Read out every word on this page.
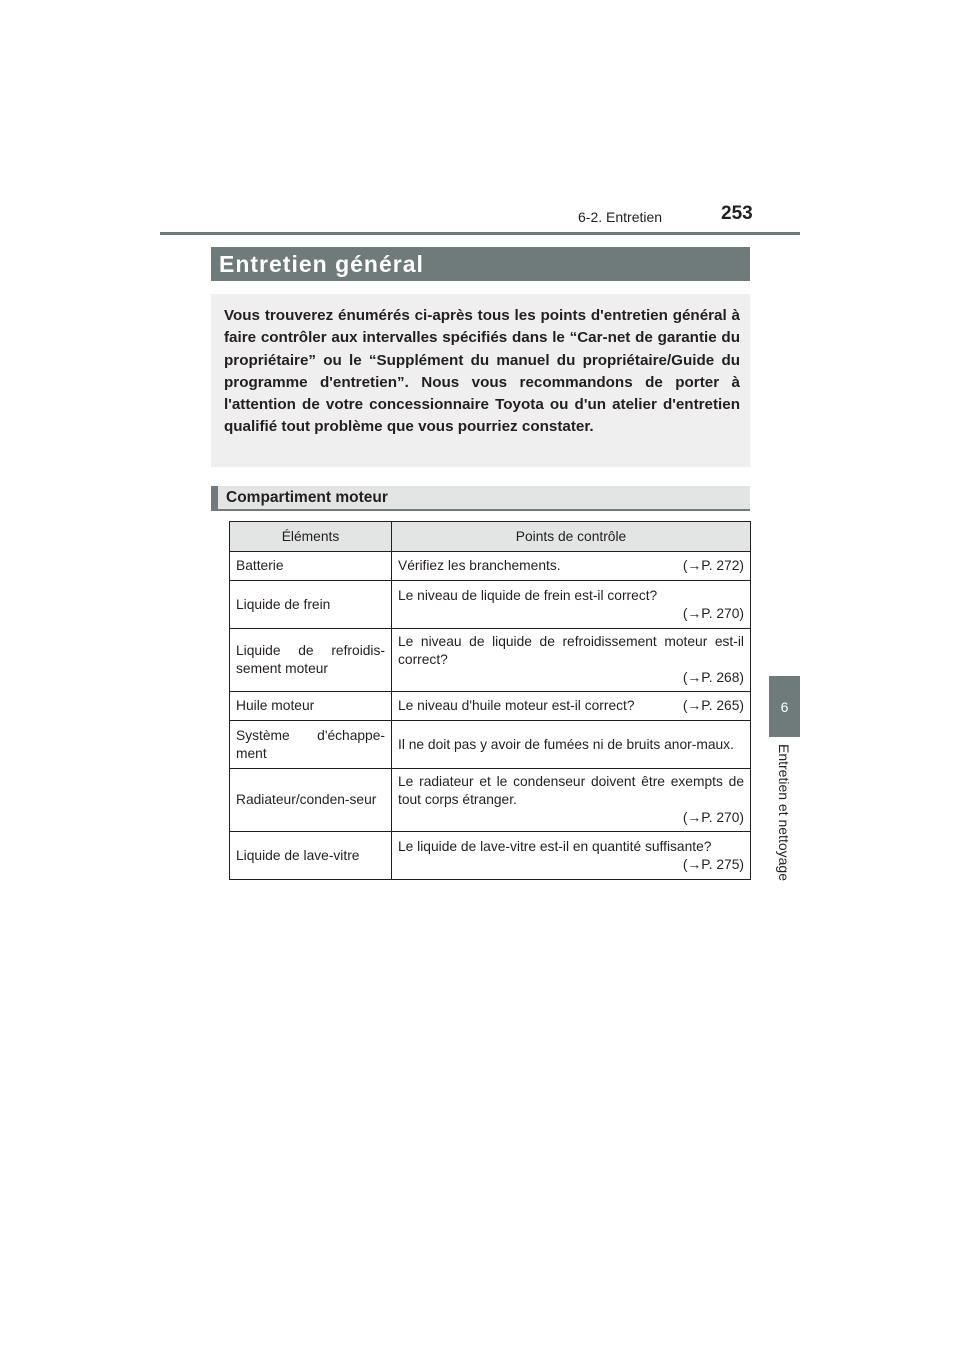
6-2. Entretien	253
6
Entretien et nettoyage
Entretien général

Vous trouverez énumérés ci-après tous les points d'entretien général à faire contrôler aux intervalles spécifiés dans le “Car-net de garantie du propriétaire” ou le “Supplément du manuel du propriétaire/Guide du programme d'entretien”. Nous vous recommandons de porter à l'attention de votre concessionnaire Toyota ou d'un atelier d'entretien qualifié tout problème que vous pourriez constater.

Compartiment moteur
Éléments	Points de contrôle
Batterie	Vérifiez les branchements. (→P. 272)

Liquide de frein	Le niveau de liquide de frein est-il correct?
(→P. 270)

Liquide de refroidis-sement moteur	Le niveau de liquide de refroidissement moteur est-il correct?
(→P. 268)

Huile moteur	Le niveau d'huile moteur est-il correct? (→P. 265)

Système d'échappe-ment	Il ne doit pas y avoir de fumées ni de bruits anor-maux.

Radiateur/conden-seur	Le radiateur et le condenseur doivent être exempts de tout corps étranger.
(→P. 270)

Liquide de lave-vitre	Le liquide de lave-vitre est-il en quantité suffisante?
(→P. 275)
